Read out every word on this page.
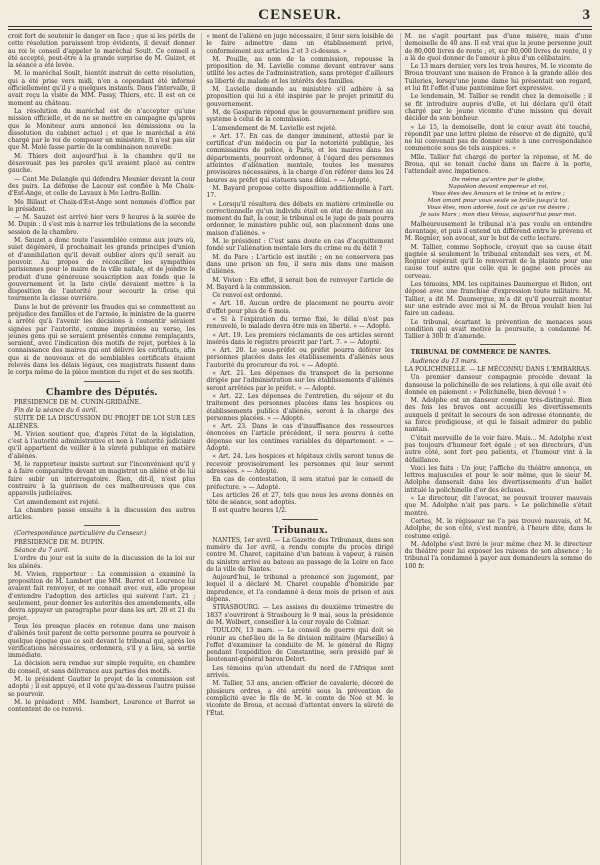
CENSEUR.	3

croit fort de soutenir le danger en face ; que si les périls de cette résolution paraissent trop évidents, il devait donner au roi le conseil d'appeler le maréchal Soult. Ce conseil a été accepté, peut-être à la grande surprise de M. Guizot, et la séance a été levée.

M. le maréchal Soult, bientôt instruit de cette résolution, qui a été prise vers midi, n'en a cependant été informé officiellement qu'il y a quelques instants. Dans l'intervalle, il avait reçu la visite de MM. Passy, Thiers, etc. Il est en ce moment au château.

La résolution du maréchal est de n'accepter qu'une mission officielle, et de ne se mettre en campagne qu'après que le Moniteur aura annoncé les démissions ou la dissolution du cabinet actuel ; et que le maréchal a été chargé par le roi de composer un ministère. Il n'est pas sûr que M. Molé fasse partie de la combinaison nouvelle.

M. Thiers doit aujourd'hui à la chambre qu'il ne désavouait pas les paroles qu'il avaient placé au centre gauche.

— Cent Me Delangle qui défendra Meunier devant la cour des pairs. La défense de Lacour est confiée à Me Chaix-d'Est-Ange, et celle de Lavaux à Me Ledru-Rollin.

Me Billaut et Chaix-d'Est-Ange sont nommés d'office par le président.

— M. Sauzet est arrivé hier vers 9 heures à la soirée de M. Dupin : il s'est mis à narrer les tribulations de la seconde session de la chambre.

M. Sauzet a donc toute l'assemblée comme aux jours où, suiet dégénéré, il prochainait les grands principes d'union et d'annihilation qu'il devait oublier alors qu'il serait au pouvoir. Au propos de réconcilier les sympathies parisiennes pour le maire de la ville natale, et de joindre le produit d'une généreuse souscription aux fonds que le gouvernement et la liste civile devaient mettre à la disposition de l'autorité pour secourir la crise qui tourmente la classe ouvrière.

Dans le but de prévenir les fraudes qui se commettent au préjudice des familles et de l'armée, le ministre de la guerre a arrêté qu'à l'avenir les décisions à consentir seraient signées par l'autorité, comme imprimées au verso, les jeunes gens qui se seraient présentés comme remplaçants, seraient, avec l'indication des motifs de rejet, portées à la connaissance des maires qui ont délivré les certificats, afin que si de nouveaux et de semblables certificats étaient relevés dans les délais légaux, ces magistrats fussent dans le corps même de la pièce mention du rejet et de ses motifs.

Chambre des Députés.

PRÉSIDENCE DE M. CUNIN-GRIDAINE.

Fin de la séance du 6 avril.

SUITE DE LA DISCUSSION DU PROJET DE LOI SUR LES ALIÉNÉS.

M. Vivien soutient que, d'après l'état de la législation, c'est à l'autorité administrative et non à l'autorité judiciaire qu'il appartient de veiller à la sûreté publique en matière d'aliénés.

M. le rapporteur insiste surtout sur l'inconvénient qu'il y a à faire comparaître devant un magistrat un aliéné et de lui faire subir un interrogatoire. Rien, dit-il, n'est plus contraire à la guérison de ces malheureuses que ces appareils judiciaires.

Cet amendement est rejeté.

La chambre passe ensuite à la discussion des autres articles.

(Correspondance particulière du Censeur.)

PRÉSIDENCE DE M. DUPIN.

Séance du 7 avril.

L'ordre du jour est la suite de la discussion de la loi sur les aliénés.

M. Vivien, rapporteur : La commission a examiné la proposition de M. Lambert que MM. Barrot et Lourence lui avaient fait renvoyer, et ne connait avec eux, elle propose d'entendre l'adoption des articles qui suivent l'art. 21 ; seulement, pour donner les autorités des amendements, elle devra appuyer un paragraphe pour dans les art. 20 et 21 du projet.

Tous les presque placés en retenue dans une maison d'aliénés tout parent de cette personne pourra se pourvoir à quelque époque que ce soit devant le tribunal qui, après les vérifications nécessaires, ordonnera, s'il y a lieu, sa sortie immédiate.

La décision sera rendue sur simple requête, en chambre du conseil, et sans délivrance aux parties des motifs.

M. le président Gautier le projet de la commission est adopté ; il est appuyé, et il vote qu'au-dessous l'autre puisse se pourvoir.

M. le président : MM. Isambert, Lourence et Barrot se contentent de ce renvoi.

« ment de l'aliéné en juge nécessaire, il leur sera loisible de le faire admettre dans un établissement privé, conformément aux articles 2 et 3 ci-dessus. »

M. Pouille, au nom de la commission, repousse la proposition de M. Lavielle comme devant entraver sans utilité les actes de l'administration, sans protéger d'ailleurs sa liberté du malade et les intérêts des familles.

M. Lavielle demande au ministère s'il adhère à sa proposition qui lui a été inspirée par le projet primitif du gouvernement.

M. de Gasparin répond que le gouvernement préfère son système à celui de la commission.

L'amendement de M. Lavielle est rejeté.

« Art. 17. En cas de danger imminent, attesté par le certificat d'un médecin ou par la notoriété publique, les commissaires de police, à Paris, et les maires dans les départements, pourront ordonner, à l'égard des personnes atteintes d'aliénation mentale, toutes les mesures provisoires nécessaires, à la charge d'en référer dans les 24 heures au préfet qui statuera sans délai. » — Adopté.

M. Bayard propose cette disposition additionnelle à l'art. 17.

« Lorsqu'il résultera des débats en matière criminelle ou correctionnelle qu'un individu était en état de démence au moment du fait, la cour, le tribunal ou le juge de paix pourra ordonner, le ministère public ouï, son placement dans une maison d'aliénés. »

M. le président : C'est sans doute en cas d'acquittement fondé sur l'aliénation mentale lors du crime ou du délit ?

M. du Pare : L'article est inutile ; on ne conservera pas dans une prison un fou, il sera mis dans une maison d'aliénés.

M. Vivien : En effet, il serait bon de renvoyer l'article de M. Bayard à la commission.

Ce renvoi est ordonné.

« Art. 18. Aucun ordre de placement ne pourra avoir d'effet pour plus de 6 mois.

« Si à l'expiration du terme fixé, le délai n'est pas renouvelé, le malade devra être mis en liberté. » — Adopté.

« Art. 19. Les premiers réclamants de ces articles seront insérés dans le registre prescrit par l'art. 7. » — Adopté.

« Art. 20. Le sous-préfet ou préfet pourra déférer les personnes placées dans les établissements d'aliénés sous l'autorité du procureur du roi. » — Adopté.

« Art. 21. Les dépenses du transport de la personne dirigée par l'administration sur les établissements d'aliénés seront arrêtées par le préfet. » — Adopté.

« Art. 22. Les dépenses de l'entretien, du séjour et du traitement des personnes placées dans les hospices ou établissements publics d'aliénés, seront à la charge des personnes placées. » — Adopté.

« Art. 23. Dans le cas d'insuffisance des ressources énoncées en l'article précédent, il sera pourvu à cette dépense sur les centimes variables du département. » — Adopté.

« Art. 24. Les hospices et hôpitaux civils seront tenus de recevoir provisoirement les personnes qui leur seront adressées. » — Adopté.

En cas de contestation, il sera statué par le conseil de préfecture. » — Adopté.

Les articles 26 et 27, tels que nous les avons donnés en tête de séance, sont adoptés.

Il est quatre heures 1/2.

Tribunaux.

NANTES, 1er avril. — La Gazette des Tribunaux, dans son numéro du 1er avril, a rendu compte du procès dirigé contre M. Charet, capitaine d'un bateau à vapeur, à raison du sinistre arrivé au bateau au passage de la Loire en face de la ville de Nantes.

Aujourd'hui, le tribunal a prononcé son jugement, par lequel il a déclaré M. Charet coupable d'homicide par imprudence, et l'a condamné à deux mois de prison et aux dépens.

STRASBOURG. — Les assises du deuxième trimestre de 1837 s'ouvriront à Strasbourg le 9 mai, sous la présidence de M. Wolbert, conseiller à la cour royale de Colmar.

TOULON, 13 mars. — Le conseil de guerre qui doit se réunir au chef-lieu de la 8e division militaire (Marseille) à l'effet d'examiner la conduite de M. le général de Rigny pendant l'expédition de Constantine, sera présidé par le lieutenant-général baron Delort.

Les témoins qu'on attendait du nord de l'Afrique sont arrivés.

M. Tallier, 53 ans, ancien officier de cavalerie, décoré de plusieurs ordres, a été arrêté sous la prévention de complicité avec le fils de M. le comte de Noé et M. le vicomte de Broua, et accusé d'attentat envers la sûreté de l'État.

M. ne s'agit pourtant pas d'une misère, mais d'une demoiselle de 40 ans. Il est vrai que la jeune personne jouit de 80,000 livres de rente ; et, sur 80,000 livres de rente, il y a là de quoi donner de l'amour à plus d'un célibataire.

Le 13 mars dernier, vers les trois heures, M. le vicomte de Broua trouvant une maison de France à la grande allée des Tuileries, lorsqu'une jeune dame lui présentait son regard, et lui fit l'effet d'une pantomime fort expressive.

Le lendemain, M. Tallier se rendit chez la demoiselle ; il se fit introduire auprès d'elle, et lui déclara qu'il était chargé par le jeune vicomte d'une mission qui devait décider de son bonheur.

« Le 15, la demoiselle, dont le cœur avait été touché, répondit par une lettre pleine de réserve et de dignité, qu'il ne lui convenait pas de donner suite à une correspondance commencée sous de tels auspices. »

Mlle. Tallier fut chargé de porter la réponse, et M. de Broua, qui se tenait caché dans un fiacre à la porte, l'attendait avec impatience.

De même qu'entre par le globe,
Napoléon devant empereur et roi,
Vous êtes des Amours et le trône et la mitre ;
Mon amant pour vous seule se brûle jusqu'à toi.
Vous êtes, mon adorée, tout ce qu'un roi désire ;
Je suis Mars ; mon dieu Vénus, aujourd'hui pour moi.

Malheureusement le tribunal n'a pas voulu en entendre davantage, et puis il entend un différend entre le prévenu et M. Regnier, son avocat, sur le but de cette lecture.

M. Tallier, comme Sophocle, croyait que sa cause était gagnée si seulement le tribunal entendait ses vers, et M. Regnier espérait qu'il le renverrait de la plainte pour une cause tout autre que celle qui le gagne son procès au cerveau.

Les témoins, MM. les capitaines Daumergue et Bidon, ont déposé avec une franchise d'expression toute militaire. M. Tallier, a dit M. Daumergue, m'a dit qu'il pourrait monter sur une estrade avec moi si M. de Broua voulait bien lui faire un cadeau.

Le tribunal, écartant la prévention de menaces sous condition qui avait motivé la poursuite, a condamné M. Tallier à 300 fr. d'amende.

TRIBUNAL DE COMMERCE DE NANTES.

Audience du 13 mars.

LA POLICHINELLE. — LE MÉCONNU DANS L'EMBARRAS.

Un premier danseur compagnie procède devant la danseuse la polichinelle de ses relations, à qui elle avait été donnée en paiement : « Polichinelle, bien dévoué ! »

M. Adolphe est un danseur comique très-distingué. Bien des fois les bravos ont accueilli les divertissements auxquels il prétait le secours de son adresse étonnante, de sa force prodigieuse, et qui le faisait admirer du public nantais.

C'était merveille de le voir faire. Mais... M. Adolphe n'est pas toujours d'humeur fort égale ; et ses directeurs, d'un autre côté, sont fort peu patients, et l'humour vint à la défaillance.

Voici les faits : Un jour, l'affiche du théâtre annonça, en lettres majuscules et pour le soir même, que le sieur M. Adolphe danserait dans les divertissements d'un ballet intitulé la polichinelle d'or des écluses.

« Le directeur, dit l'avocat, ne pouvait trouver mauvais que M. Adolphe n'ait pas paru. » Le polichinelle s'était montré.

Certes, M. le régisseur ne l'a pas trouvé mauvais, et M. Adolphe, de son côté, s'est montré, à l'heure dite, dans le costume exigé.

M. Adolphe s'est livré le jour même chez M. le directeur du théâtre pour lui exposer les raisons de son absence ; le tribunal l'a condamné à payer aux demandeurs la somme de 100 fr.
